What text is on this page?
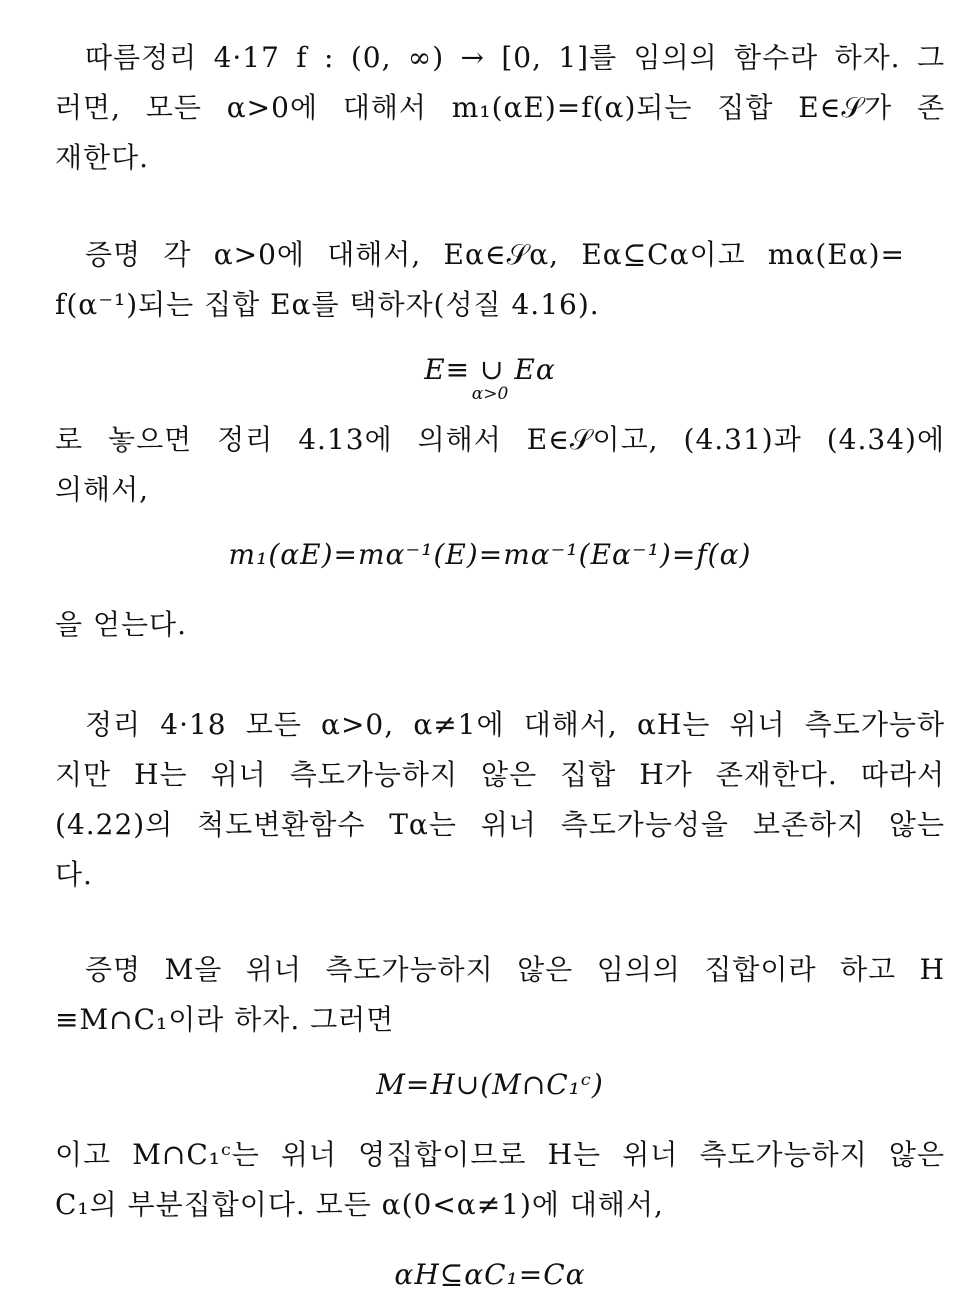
따름정리 4·17 f : (0, ∞) → [0, 1]를 임의의 함수라 하자. 그
러면, 모든 α>0에 대해서 m₁(αE)=f(α)되는 집합 E∈𝒮가 존
재한다.
증명 각 α>0에 대해서, Eα∈𝒮α, Eα⊆Cα이고 mα(Eα)=
f(α⁻¹)되는 집합 Eα를 택하자(성질 4.16).
E≡ ∪ Eα
α>0
로 놓으면 정리 4.13에 의해서 E∈𝒮이고, (4.31)과 (4.34)에
의해서,
m₁(αE)=mα⁻¹(E)=mα⁻¹(Eα⁻¹)=f(α)
을 얻는다.
정리 4·18 모든 α>0, α≠1에 대해서, αH는 위너 측도가능하
지만 H는 위너 측도가능하지 않은 집합 H가 존재한다. 따라서
(4.22)의 척도변환함수 Tα는 위너 측도가능성을 보존하지 않는
다.
증명 M을 위너 측도가능하지 않은 임의의 집합이라 하고 H
≡M∩C₁이라 하자. 그러면
M=H∪(M∩C₁ᶜ)
이고 M∩C₁ᶜ는 위너 영집합이므로 H는 위너 측도가능하지 않은
C₁의 부분집합이다. 모든 α(0<α≠1)에 대해서,
αH⊆αC₁=Cα
